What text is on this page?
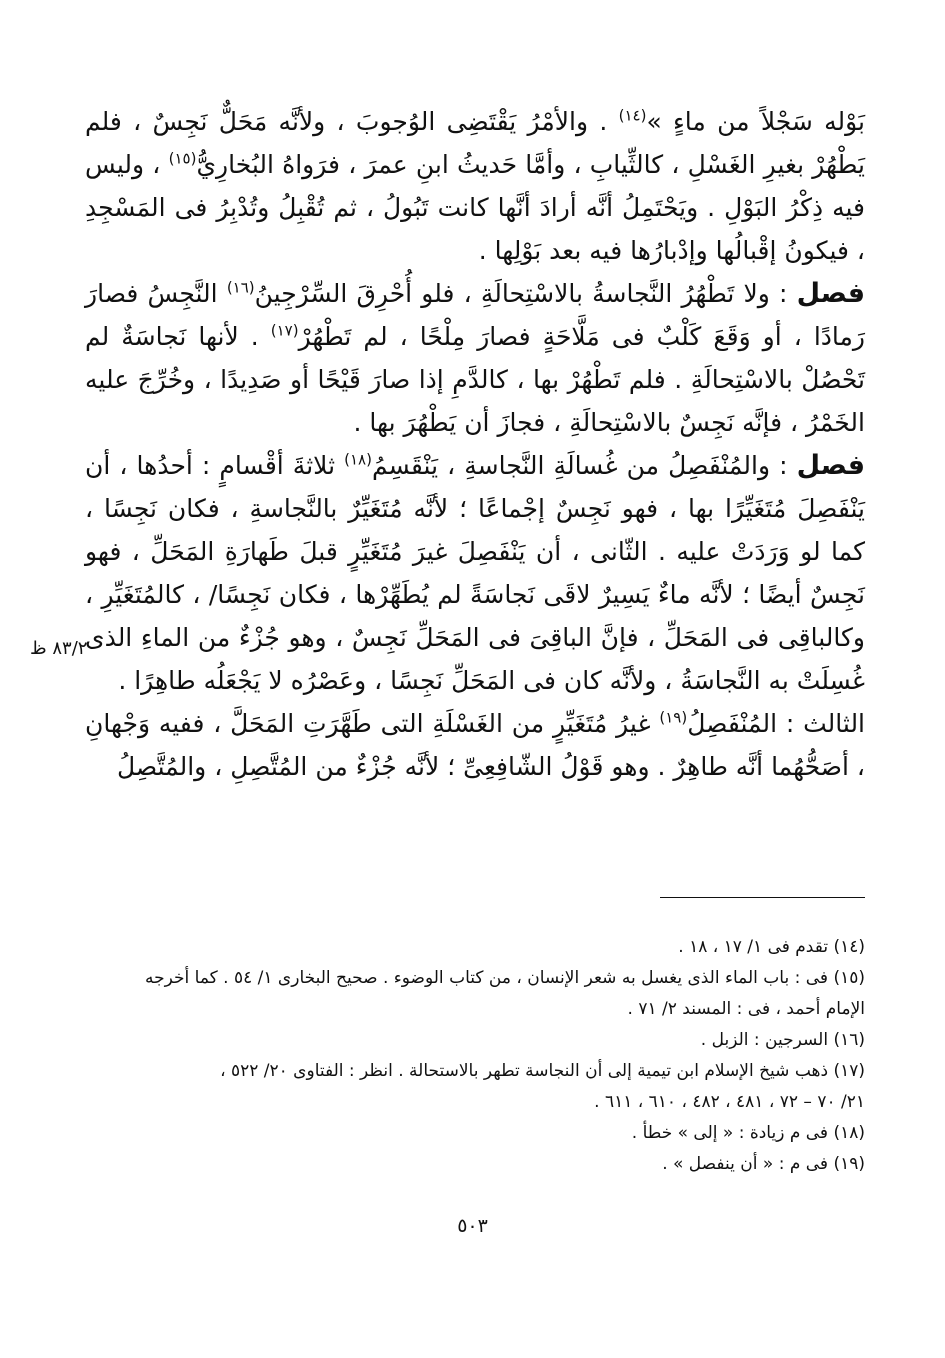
بَوْله سَجْلاً من ماءٍ »$^{(١٤)}$ . والأمْرُ يَقْتَضِى الوُجوبَ ، ولأنَّه مَحَلٌّ نَجِسٌ ، فلم يَطْهُرْ بغيرِ الغَسْلِ ، كالثِّيابِ ، وأمَّا حَديثُ ابنِ عمرَ ، فرَواهُ البُخارِيُّ$^{(١٥)}$ ، وليس فيه ذِكْرُ البَوْلِ . ويَحْتَمِلُ أنَّه أرادَ أنَّها كانت تَبُولُ ، ثم تُقْبِلُ وتُدْبِرُ فى المَسْجِدِ ، فيكونُ إقْبالُها وإدْبارُها فيه بعد بَوْلِها .

فصل : ولا تَطْهُرُ النَّجاسةُ بالاسْتِحالَةِ ، فلو أُحْرِقَ السِّرْجِينُ$^{(١٦)}$ النَّجِسُ فصارَ رَمادًا ، أو وَقَعَ كَلْبٌ فى مَلَّاحَةٍ فصارَ مِلْحًا ، لم تَطْهُرْ$^{(١٧)}$ . لأنها نَجاسَةٌ لم تَحْصُلْ بالاسْتِحالَةِ . فلم تَطْهُرْ بها ، كالدَّمِ إذا صارَ قَيْحًا أو صَدِيدًا ، وخُرِّجَ عليه الخَمْرُ ، فإنَّه نَجِسٌ بالاسْتِحالَةِ ، فجازَ أن يَطْهُرَ بها .

فصل : والمُنْفَصِلُ من غُسالَةِ النَّجاسةِ ، يَنْقَسِمُ$^{(١٨)}$ ثلاثةَ أقْسامٍ : أحدُها ، أن يَنْفَصِلَ مُتَغَيِّرًا بها ، فهو نَجِسٌ إجْماعًا ؛ لأنَّه مُتَغَيِّرٌ بالنَّجاسةِ ، فكان نَجِسًا ، كما لو وَرَدَتْ عليه . الثّانى ، أن يَنْفَصِلَ غيرَ مُتَغَيِّرٍ قبلَ طَهارَةِ المَحَلِّ ، فهو نَجِسٌ أيضًا ؛ لأنَّه ماءٌ يَسِيرٌ لاقَى نَجاسَةً لم يُطَهِّرْها ، فكان نَجِسًا/ ، كالمُتَغَيِّرِ ، وكالباقِى فى المَحَلِّ ، فإنَّ الباقِىَ فى المَحَلِّ نَجِسٌ ، وهو جُزْءٌ من الماءِ الذى غُسِلَتْ به النَّجاسَةُ ، ولأنَّه كان فى المَحَلِّ نَجِسًا ، وعَصْرُه لا يَجْعَلُه طاهِرًا .

الثالث : المُنْفَصِلُ$^{(١٩)}$ غيرُ مُتَغَيِّرٍ من الغَسْلَةِ التى طَهَّرَتِ المَحَلَّ ، ففيه وَجْهانِ ، أصَحُّهُما أنَّه طاهِرٌ . وهو قَوْلُ الشّافِعِىِّ ؛ لأنَّه جُزْءٌ من المُتَّصِلِ ، والمُتَّصِلُ

٨٣/٢ ظ

(١٤) تقدم فى ١/ ١٧ ، ١٨ .

(١٥) فى : باب الماء الذى يغسل به شعر الإنسان ، من كتاب الوضوء . صحيح البخارى ١/ ٥٤ . كما أخرجه

الإمام أحمد ، فى : المسند ٢/ ٧١ .

(١٦) السرجين : الزبل .

(١٧) ذهب شيخ الإسلام ابن تيمية إلى أن النجاسة تطهر بالاستحالة . انظر : الفتاوى ٢٠/ ٥٢٢ ،

٢١/ ٧٠ – ٧٢ ، ٤٨١ ، ٤٨٢ ، ٦١٠ ، ٦١١ .

(١٨) فى م زيادة : « إلى » خطأ .

(١٩) فى م : « أن ينفصل » .

٥٠٣
